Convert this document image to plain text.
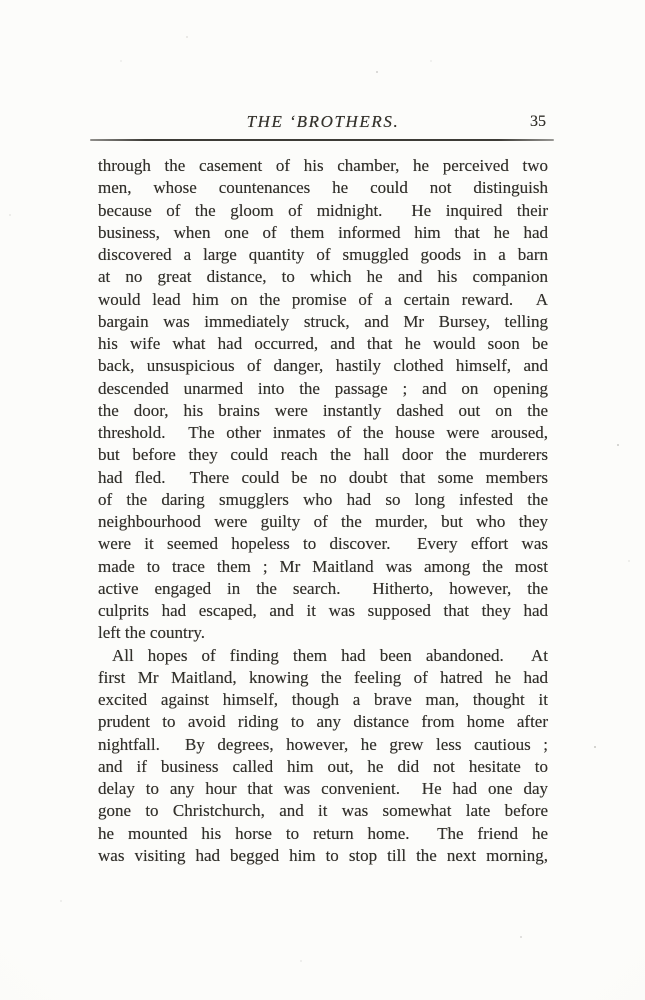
THE ‘BROTHERS.	35
through the casement of his chamber, he perceived two
men, whose countenances he could not distinguish
because of the gloom of midnight.  He inquired their
business, when one of them informed him that he had
discovered a large quantity of smuggled goods in a barn
at no great distance, to which he and his companion
would lead him on the promise of a certain reward.  A
bargain was immediately struck, and Mr Bursey, telling
his wife what had occurred, and that he would soon be
back, unsuspicious of danger, hastily clothed himself, and
descended unarmed into the passage ; and on opening
the door, his brains were instantly dashed out on the
threshold.  The other inmates of the house were aroused,
but before they could reach the hall door the murderers
had fled.  There could be no doubt that some members
of the daring smugglers who had so long infested the
neighbourhood were guilty of the murder, but who they
were it seemed hopeless to discover.  Every effort was
made to trace them ; Mr Maitland was among the most
active engaged in the search.  Hitherto, however, the
culprits had escaped, and it was supposed that they had
left the country.
All hopes of finding them had been abandoned.  At
first Mr Maitland, knowing the feeling of hatred he had
excited against himself, though a brave man, thought it
prudent to avoid riding to any distance from home after
nightfall.  By degrees, however, he grew less cautious ;
and if business called him out, he did not hesitate to
delay to any hour that was convenient.  He had one day
gone to Christchurch, and it was somewhat late before
he mounted his horse to return home.  The friend he
was visiting had begged him to stop till the next morning,
